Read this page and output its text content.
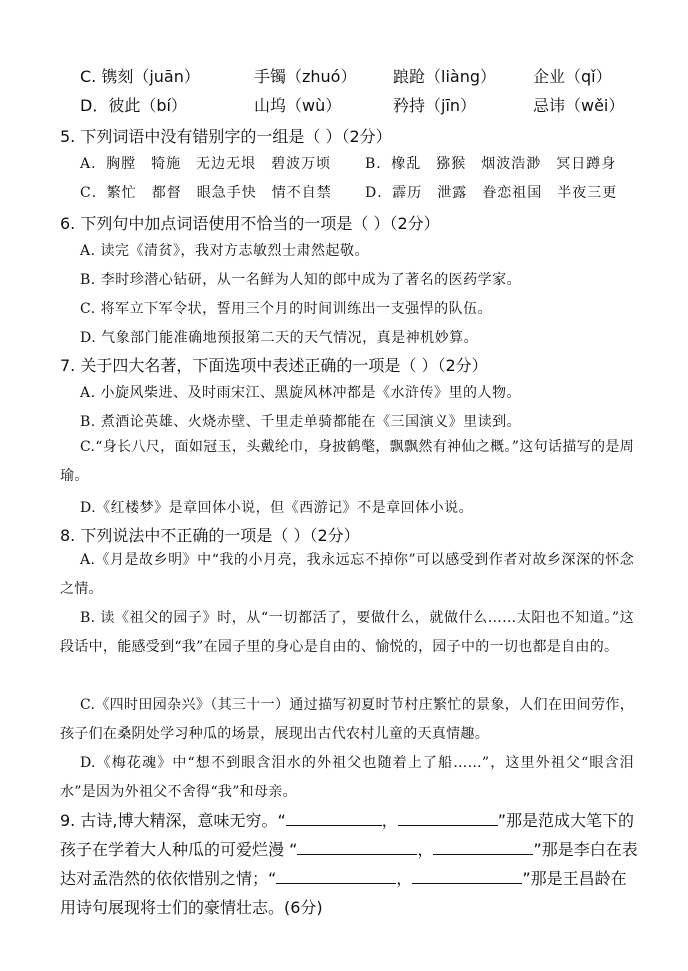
C. 镌刻（juān）	手镯（zhuó） 踉跄（liàng） 企业（qǐ）
D．彼此（bí）	山坞（wù）	矜持（jīn）	忌讳（wěi）
5. 下列词语中没有错别字的一组是（ ）（2分）
A．胸膛　犄施　无边无垠　碧波万顷 B．橡乱　猕猴　烟波浩渺　冥日蹲身
C．繁忙　都督　眼急手快　情不自禁 D．霹历　泄露　眷恋祖国　半夜三更
6. 下列句中加点词语使用不恰当的一项是（ ）（2分）
A. 读完《清贫》，我对方志敏烈士肃然起敬。
B. 李时珍潜心钻研，从一名鲜为人知的郎中成为了著名的医药学家。
C. 将军立下军令状，誓用三个月的时间训练出一支强悍的队伍。
D. 气象部门能准确地预报第二天的天气情况，真是神机妙算。
7. 关于四大名著，下面选项中表述正确的一项是（ ）（2分）
A. 小旋风柴进、及时雨宋江、黑旋风林冲都是《水浒传》里的人物。
B. 煮酒论英雄、火烧赤壁、千里走单骑都能在《三国演义》里读到。
C.“身长八尺，面如冠玉，头戴纶巾，身披鹤氅，飘飘然有神仙之概。”这句话描写的是周瑜。
D.《红楼梦》是章回体小说，但《西游记》不是章回体小说。
8. 下列说法中不正确的一项是（ ）（2分）
A.《月是故乡明》中“我的小月亮，我永远忘不掉你”可以感受到作者对故乡深深的怀念之情。
B. 读《祖父的园子》时，从“一切都活了，要做什么，就做什么……太阳也不知道。”这段话中，能感受到“我”在园子里的身心是自由的、愉悦的，园子中的一切也都是自由的。
C.《四时田园杂兴》（其三十一）通过描写初夏时节村庄繁忙的景象，人们在田间劳作，孩子们在桑阴处学习种瓜的场景，展现出古代农村儿童的天真情趣。
D.《梅花魂》中“想不到眼含泪水的外祖父也随着上了船……”，这里外祖父“眼含泪水”是因为外祖父不舍得“我”和母亲。
9. 古诗,博大精深，意味无穷。“	，	”那是范成大笔下的孩子在学着大人种瓜的可爱烂漫 “	，	”那是李白在表达对孟浩然的依依惜别之情；“	，	”那是王昌龄在用诗句展现将士们的豪情壮志。(6分)
